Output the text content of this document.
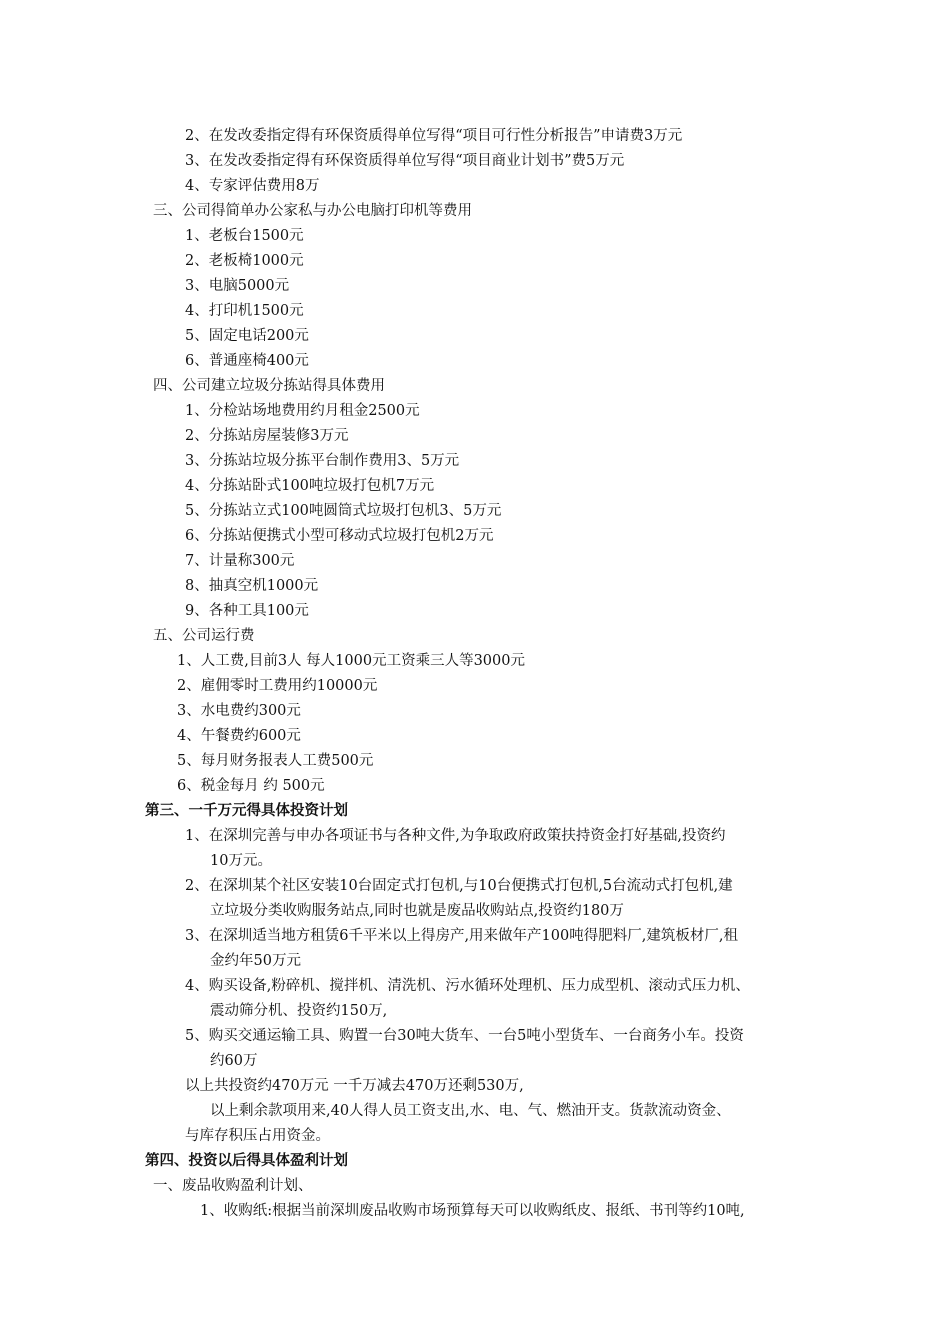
2、在发改委指定得有环保资质得单位写得“项目可行性分析报告”申请费3万元
3、在发改委指定得有环保资质得单位写得“项目商业计划书”费5万元
4、专家评估费用8万
三、公司得简单办公家私与办公电脑打印机等费用
1、老板台1500元
2、老板椅1000元
3、电脑5000元
4、打印机1500元
5、固定电话200元
6、普通座椅400元
四、公司建立垃圾分拣站得具体费用
1、分检站场地费用约月租金2500元
2、分拣站房屋装修3万元
3、分拣站垃圾分拣平台制作费用3、5万元
4、分拣站卧式100吨垃圾打包机7万元
5、分拣站立式100吨圆筒式垃圾打包机3、5万元
6、分拣站便携式小型可移动式垃圾打包机2万元
7、计量称300元
8、抽真空机1000元
9、各种工具100元
五、公司运行费
1、人工费,目前3人 每人1000元工资乘三人等3000元
2、雇佣零时工费用约10000元
3、水电费约300元
4、午餐费约600元
5、每月财务报表人工费500元
6、税金每月 约 500元
第三、一千万元得具体投资计划
1、在深圳完善与申办各项证书与各种文件,为争取政府政策扶持资金打好基础,投资约
10万元。
2、在深圳某个社区安装10台固定式打包机,与10台便携式打包机,5台流动式打包机,建
立垃圾分类收购服务站点,同时也就是废品收购站点,投资约180万
3、在深圳适当地方租赁6千平米以上得房产,用来做年产100吨得肥料厂,建筑板材厂,租
金约年50万元
4、购买设备,粉碎机、搅拌机、清洗机、污水循环处理机、压力成型机、滚动式压力机、
震动筛分机、投资约150万,
5、购买交通运输工具、购置一台30吨大货车、一台5吨小型货车、一台商务小车。投资
约60万
以上共投资约470万元 一千万减去470万还剩530万,
以上剩余款项用来,40人得人员工资支出,水、电、气、燃油开支。货款流动资金、
与库存积压占用资金。
第四、投资以后得具体盈利计划
一、废品收购盈利计划、
1、收购纸:根据当前深圳废品收购市场预算每天可以收购纸皮、报纸、书刊等约10吨,
